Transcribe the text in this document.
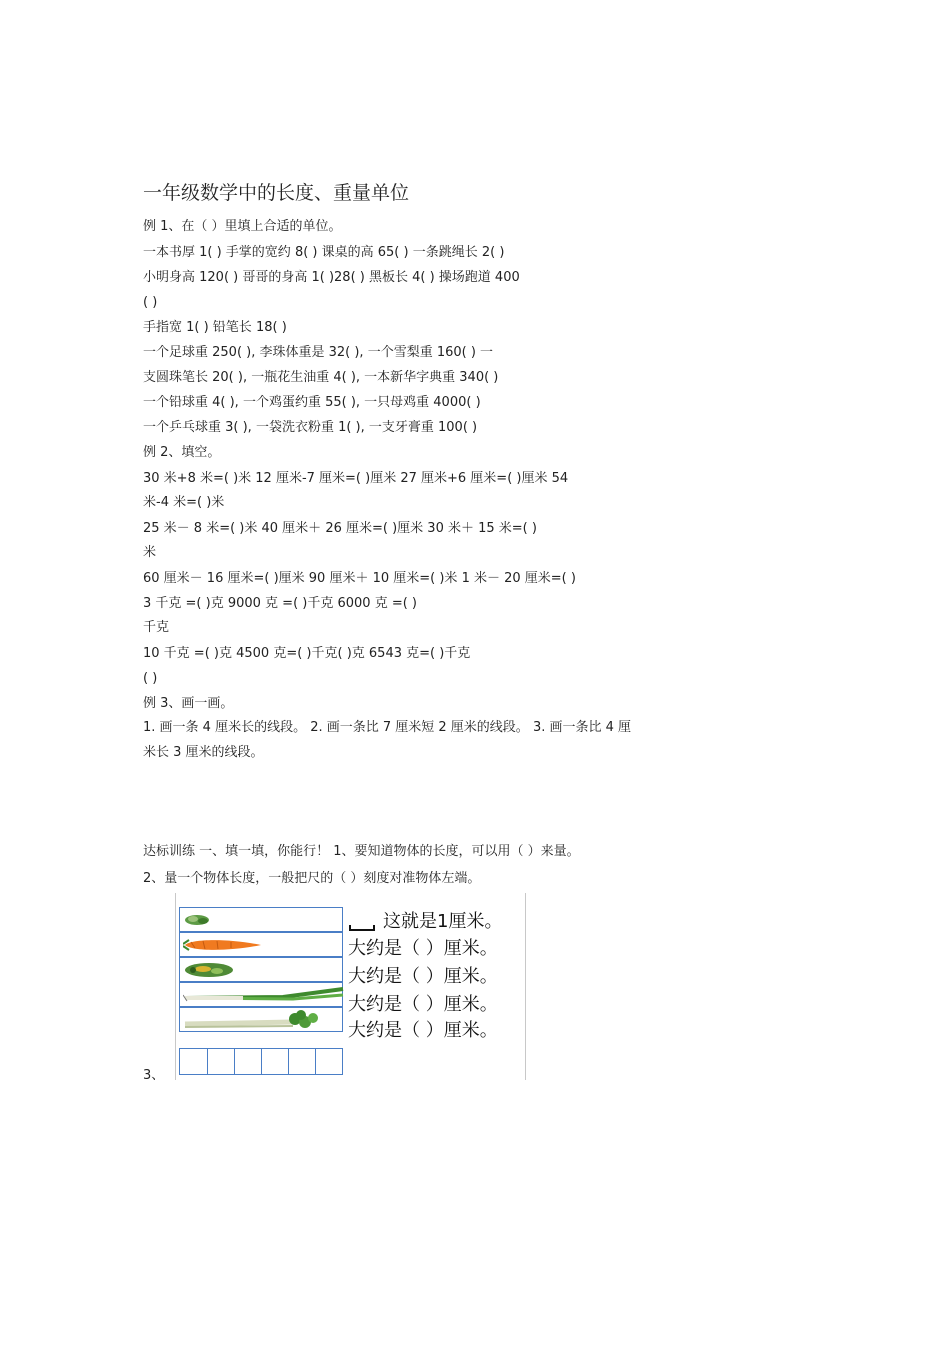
一年级数学中的长度、重量单位
例 1、在（ ）里填上合适的单位。
一本书厚 1( ) 手掌的宽约 8( ) 课桌的高 65( ) 一条跳绳长 2( )
小明身高 120( ) 哥哥的身高 1( )28( ) 黑板长 4( ) 操场跑道 400
( )
手指宽 1( ) 铅笔长 18( )
一个足球重 250( ), 李珠体重是 32( ), 一个雪梨重 160( ) 一
支圆珠笔长 20( ), 一瓶花生油重 4( ), 一本新华字典重 340( )
一个铅球重 4( ), 一个鸡蛋约重 55( ), 一只母鸡重 4000( )
一个乒乓球重 3( ), 一袋洗衣粉重 1( ), 一支牙膏重 100( )
例 2、填空。
30 米+8 米=( )米 12 厘米-7 厘米=( )厘米 27 厘米+6 厘米=( )厘米 54
米-4 米=( )米
25 米－ 8 米=( )米 40 厘米＋ 26 厘米=( )厘米 30 米＋ 15 米=( )
米
60 厘米－ 16 厘米=( )厘米 90 厘米＋ 10 厘米=( )米 1 米－ 20 厘米=( )
3 千克 =( )克 9000 克 =( )千克 6000 克 =( )
千克
10 千克 =( )克 4500 克=( )千克( )克 6543 克=( )千克
( )
例 3、画一画。
1. 画一条 4 厘米长的线段。 2. 画一条比 7 厘米短 2 厘米的线段。 3. 画一条比 4 厘
米长 3 厘米的线段。
达标训练 一、填一填，你能行！ 1、要知道物体的长度，可以用（ ）来量。
2、量一个物体长度，一般把尺的（ ）刻度对准物体左端。
3、
这就是1厘米。
大约是（ ）厘米。
大约是（ ）厘米。
大约是（ ）厘米。
大约是（ ）厘米。
